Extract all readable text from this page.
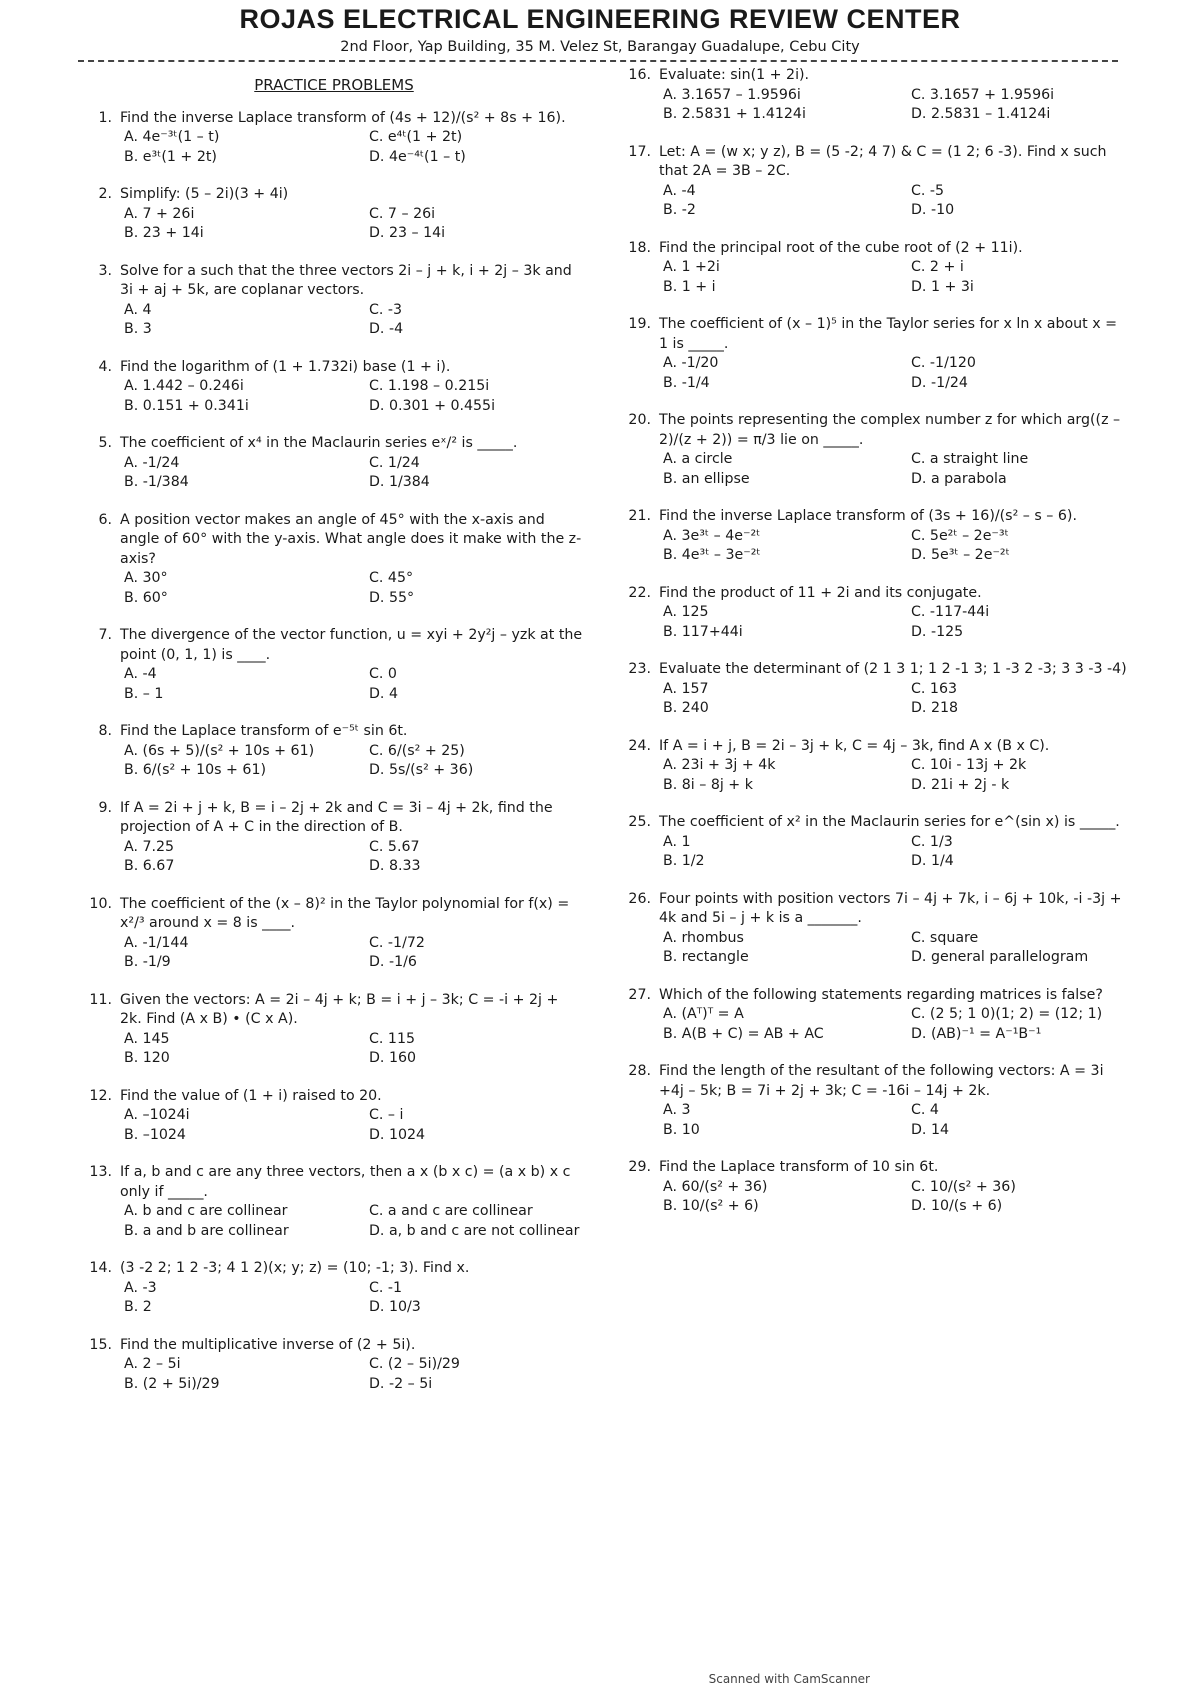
ROJAS ELECTRICAL ENGINEERING REVIEW CENTER
2nd Floor, Yap Building, 35 M. Velez St, Barangay Guadalupe, Cebu City
PRACTICE PROBLEMS
1. Find the inverse Laplace transform of (4s + 12)/(s² + 8s + 16).
A. 4e⁻³ᵗ(1 – t)	C. e⁴ᵗ(1 + 2t)
B. e³ᵗ(1 + 2t)	D. 4e⁻⁴ᵗ(1 – t)
2. Simplify: (5 – 2i)(3 + 4i)
A. 7 + 26i	C. 7 – 26i
B. 23 + 14i	D. 23 – 14i
3. Solve for a such that the three vectors 2i – j + k, i + 2j – 3k and 3i + aj + 5k, are coplanar vectors.
A. 4	C. -3
B. 3	D. -4
4. Find the logarithm of (1 + 1.732i) base (1 + i).
A. 1.442 – 0.246i	C. 1.198 – 0.215i
B. 0.151 + 0.341i	D. 0.301 + 0.455i
5. The coefficient of x⁴ in the Maclaurin series eˣ/² is _____.
A. -1/24	C. 1/24
B. -1/384	D. 1/384
6. A position vector makes an angle of 45° with the x-axis and angle of 60° with the y-axis. What angle does it make with the z-axis?
A. 30°	C. 45°
B. 60°	D. 55°
7. The divergence of the vector function, u = xyi + 2y²j – yzk at the point (0, 1, 1) is ____.
A. -4	C. 0
B. – 1	D. 4
8. Find the Laplace transform of e⁻⁵ᵗ sin 6t.
A. (6s + 5)/(s² + 10s + 61)	C. 6/(s² + 25)
B. 6/(s² + 10s + 61)	D. 5s/(s² + 36)
9. If A = 2i + j + k, B = i – 2j + 2k and C = 3i – 4j + 2k, find the projection of A + C in the direction of B.
A. 7.25	C. 5.67
B. 6.67	D. 8.33
10. The coefficient of the (x – 8)² in the Taylor polynomial for f(x) = x²/³ around x = 8 is ____.
A. -1/144	C. -1/72
B. -1/9	D. -1/6
11. Given the vectors: A = 2i – 4j + k; B = i + j – 3k; C = -i + 2j + 2k. Find (A x B) • (C x A).
A. 145	C. 115
B. 120	D. 160
12. Find the value of (1 + i) raised to 20.
A. –1024i	C. – i
B. –1024	D. 1024
13. If a, b and c are any three vectors, then a x (b x c) = (a x b) x c only if _____.
A. b and c are collinear	C. a and c are collinear
B. a and b are collinear	D. a, b and c are not collinear
14. (3 -2 2; 1 2 -3; 4 1 2)(x; y; z) = (10; -1; 3). Find x.
A. -3	C. -1
B. 2	D. 10/3
15. Find the multiplicative inverse of (2 + 5i).
A. 2 – 5i	C. (2 – 5i)/29
B. (2 + 5i)/29	D. -2 – 5i
16. Evaluate: sin(1 + 2i).
A. 3.1657 – 1.9596i	C. 3.1657 + 1.9596i
B. 2.5831 + 1.4124i	D. 2.5831 – 1.4124i
17. Let: A = (w x; y z), B = (5 -2; 4 7) & C = (1 2; 6 -3). Find x such that 2A = 3B – 2C.
A. -4	C. -5
B. -2	D. -10
18. Find the principal root of the cube root of (2 + 11i).
A. 1 +2i	C. 2 + i
B. 1 + i	D. 1 + 3i
19. The coefficient of (x – 1)⁵ in the Taylor series for x ln x about x = 1 is _____.
A. -1/20	C. -1/120
B. -1/4	D. -1/24
20. The points representing the complex number z for which arg((z – 2)/(z + 2)) = π/3 lie on _____.
A. a circle	C. a straight line
B. an ellipse	D. a parabola
21. Find the inverse Laplace transform of (3s + 16)/(s² – s – 6).
A. 3e³ᵗ – 4e⁻²ᵗ	C. 5e²ᵗ – 2e⁻³ᵗ
B. 4e³ᵗ – 3e⁻²ᵗ	D. 5e³ᵗ – 2e⁻²ᵗ
22. Find the product of 11 + 2i and its conjugate.
A. 125	C. -117-44i
B. 117+44i	D. -125
23. Evaluate the determinant of (2 1 3 1; 1 2 -1 3; 1 -3 2 -3; 3 3 -3 -4)
A. 157	C. 163
B. 240	D. 218
24. If A = i + j, B = 2i – 3j + k, C = 4j – 3k, find A x (B x C).
A. 23i + 3j + 4k	C. 10i - 13j + 2k
B. 8i – 8j + k	D. 21i + 2j - k
25. The coefficient of x² in the Maclaurin series for e^(sin x) is _____.
A. 1	C. 1/3
B. 1/2	D. 1/4
26. Four points with position vectors 7i – 4j + 7k, i – 6j + 10k, -i -3j + 4k and 5i – j + k is a _______.
A. rhombus	C. square
B. rectangle	D. general parallelogram
27. Which of the following statements regarding matrices is false?
A. (Aᵀ)ᵀ = A	C. (2 5; 1 0)(1; 2) = (12; 1)
B. A(B + C) = AB + AC	D. (AB)⁻¹ = A⁻¹B⁻¹
28. Find the length of the resultant of the following vectors: A = 3i +4j – 5k; B = 7i + 2j + 3k; C = -16i – 14j + 2k.
A. 3	C. 4
B. 10	D. 14
29. Find the Laplace transform of 10 sin 6t.
A. 60/(s² + 36)	C. 10/(s² + 36)
B. 10/(s² + 6)	D. 10/(s + 6)
Scanned with CamScanner
